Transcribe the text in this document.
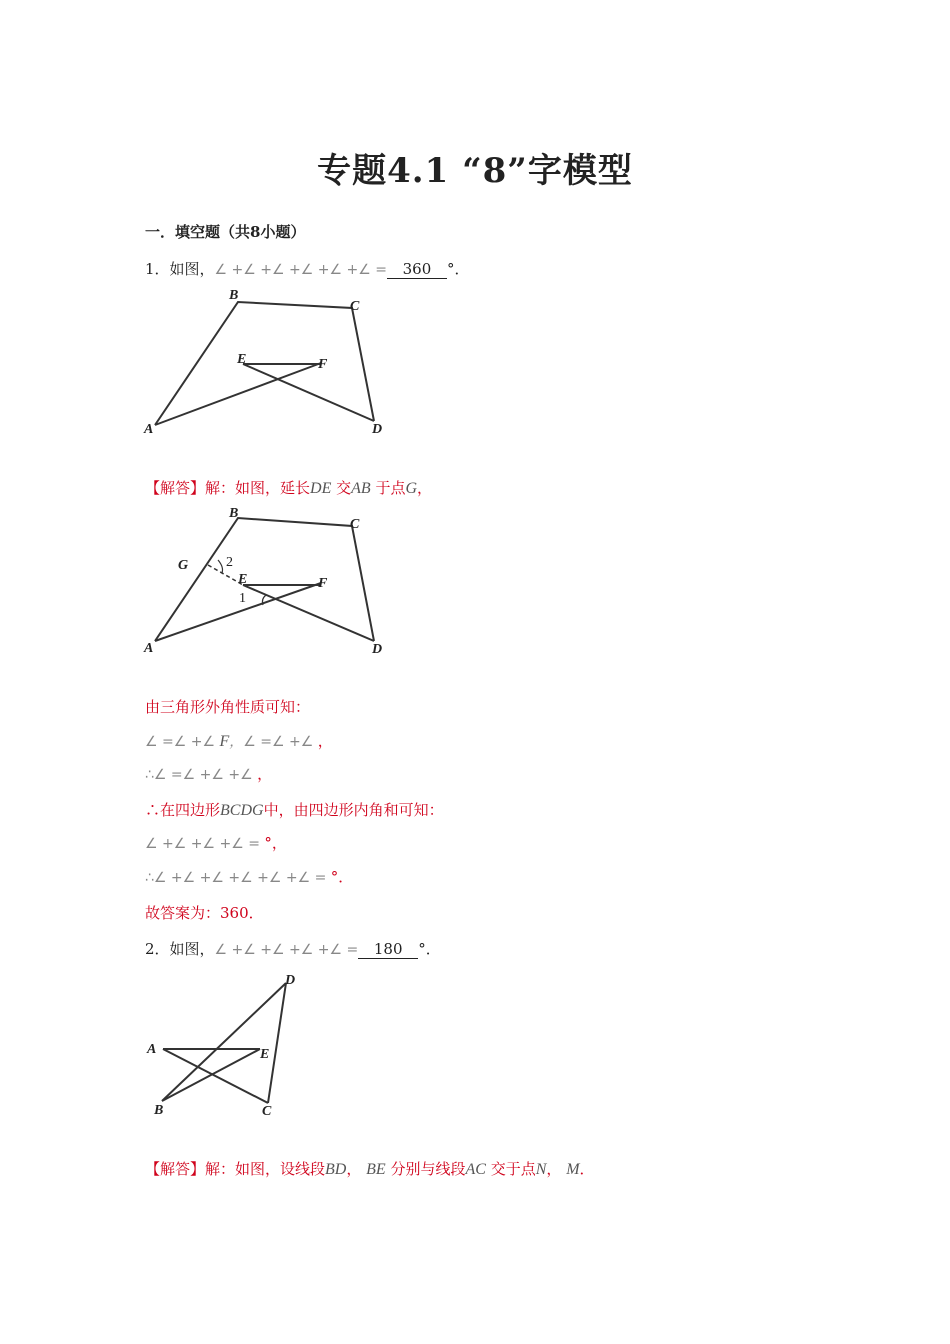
专题4.1 “8”字模型
一．填空题（共8小题）
1．如图，∠ +∠ +∠ +∠ +∠ +∠ = 360 °．
B
C
E	F
A	D
【解答】解：如图，延长DE 交AB 于点G，
B
C
G	2
E
1
F
A	D
由三角形外角性质可知：
∠ =∠ +∠ F，∠ =∠ +∠ ，
∴∠ =∠ +∠ +∠ ，
∴在四边形BCDG中，由四边形内角和可知：
∠ +∠ +∠ +∠ = °，
∴∠ +∠ +∠ +∠ +∠ +∠ = °．
故答案为：360．
2．如图，∠ +∠ +∠ +∠ +∠ = 180 °．
D
A	E
B	C
【解答】解：如图，设线段BD， BE 分别与线段AC 交于点N， M．
